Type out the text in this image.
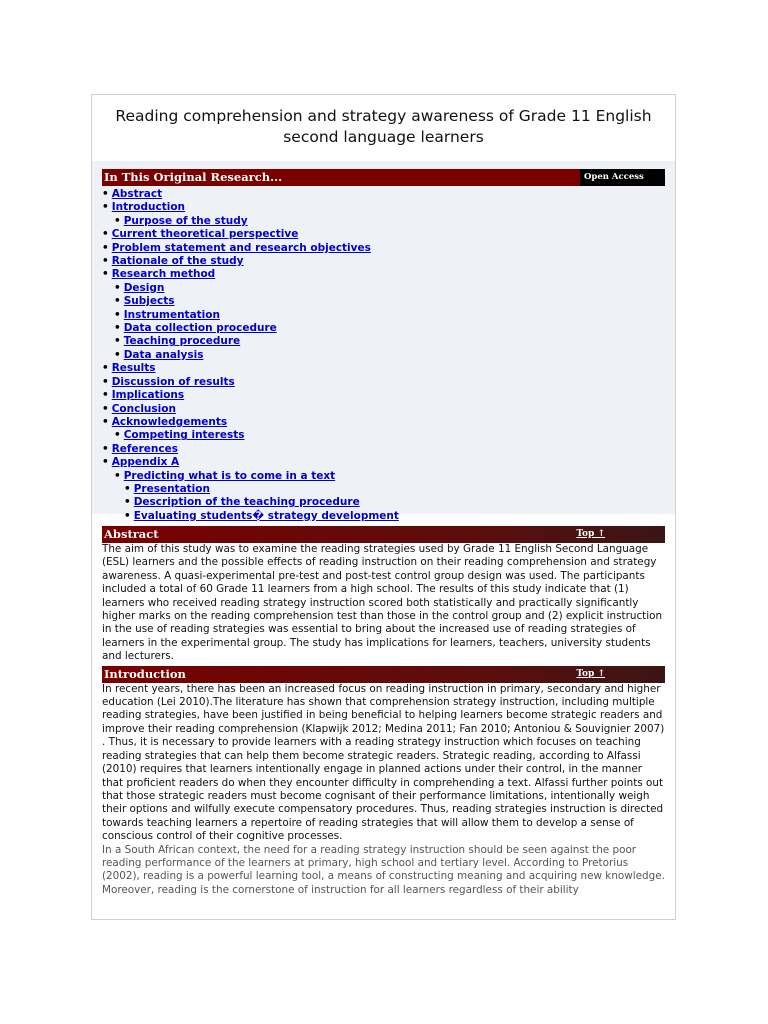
Reading comprehension and strategy awareness of Grade 11 English second language learners
In This Original Research...	Open Access
• Abstract
• Introduction
• Purpose of the study
• Current theoretical perspective
• Problem statement and research objectives
• Rationale of the study
• Research method
• Design
• Subjects
• Instrumentation
• Data collection procedure
• Teaching procedure
• Data analysis
• Results
• Discussion of results
• Implications
• Conclusion
• Acknowledgements
• Competing interests
• References
• Appendix A
• Predicting what is to come in a text
• Presentation
• Description of the teaching procedure
• Evaluating students� strategy development
Abstract	Top ↑

The aim of this study was to examine the reading strategies used by Grade 11 English Second Language (ESL) learners and the possible effects of reading instruction on their reading comprehension and strategy awareness. A quasi-experimental pre-test and post-test control group design was used. The participants included a total of 60 Grade 11 learners from a high school. The results of this study indicate that (1) learners who received reading strategy instruction scored both statistically and practically significantly higher marks on the reading comprehension test than those in the control group and (2) explicit instruction in the use of reading strategies was essential to bring about the increased use of reading strategies of learners in the experimental group. The study has implications for learners, teachers, university students and lecturers.

Introduction	Top ↑

In recent years, there has been an increased focus on reading instruction in primary, secondary and higher education (Lei 2010).The literature has shown that comprehension strategy instruction, including multiple reading strategies, have been justified in being beneficial to helping learners become strategic readers and improve their reading comprehension (Klapwijk 2012; Medina 2011; Fan 2010; Antoniou & Souvignier 2007) . Thus, it is necessary to provide learners with a reading strategy instruction which focuses on teaching reading strategies that can help them become strategic readers. Strategic reading, according to Alfassi (2010) requires that learners intentionally engage in planned actions under their control, in the manner that proficient readers do when they encounter difficulty in comprehending a text. Alfassi further points out that those strategic readers must become cognisant of their performance limitations, intentionally weigh their options and wilfully execute compensatory procedures. Thus, reading strategies instruction is directed towards teaching learners a repertoire of reading strategies that will allow them to develop a sense of conscious control of their cognitive processes.

In a South African context, the need for a reading strategy instruction should be seen against the poor reading performance of the learners at primary, high school and tertiary level. According to Pretorius (2002), reading is a powerful learning tool, a means of constructing meaning and acquiring new knowledge. Moreover, reading is the cornerstone of instruction for all learners regardless of their ability
